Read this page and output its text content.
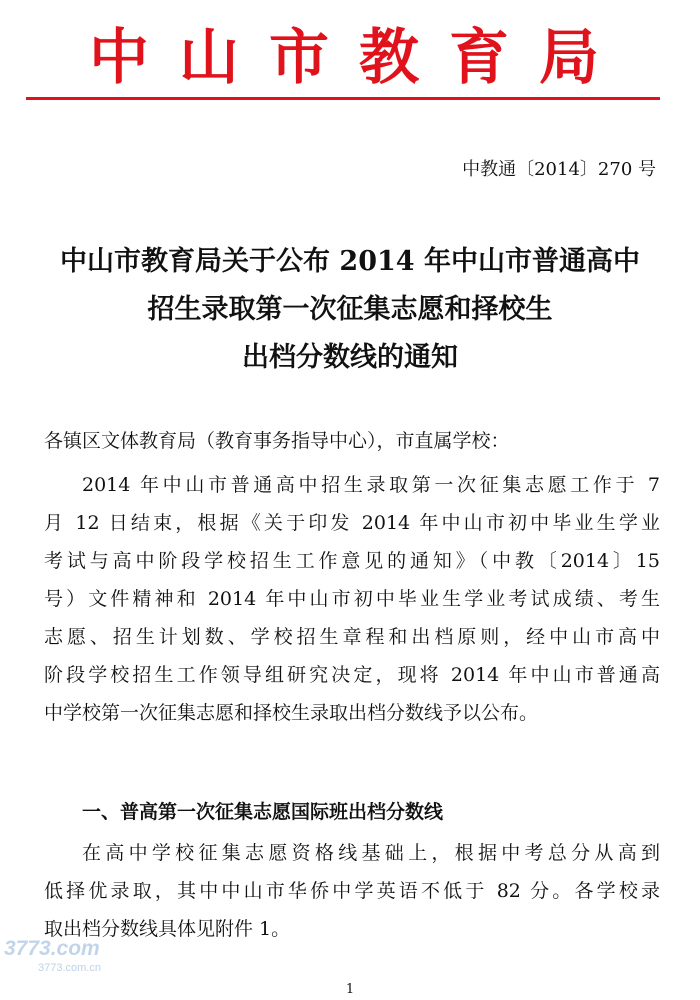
中山市教育局
中教通〔2014〕270 号
中山市教育局关于公布 2014 年中山市普通高中
招生录取第一次征集志愿和择校生
出档分数线的通知
各镇区文体教育局（教育事务指导中心），市直属学校：
2014 年中山市普通高中招生录取第一次征集志愿工作于 7
月 12 日结束，根据《关于印发 2014 年中山市初中毕业生学业
考试与高中阶段学校招生工作意见的通知》（中教〔2014〕15
号）文件精神和 2014 年中山市初中毕业生学业考试成绩、考生
志愿、招生计划数、学校招生章程和出档原则，经中山市高中
阶段学校招生工作领导组研究决定，现将 2014 年中山市普通高
中学校第一次征集志愿和择校生录取出档分数线予以公布。
一、普高第一次征集志愿国际班出档分数线
在高中学校征集志愿资格线基础上，根据中考总分从高到
低择优录取，其中中山市华侨中学英语不低于 82 分。各学校录
取出档分数线具体见附件 1。
3773.com
3773.com.cn
1
